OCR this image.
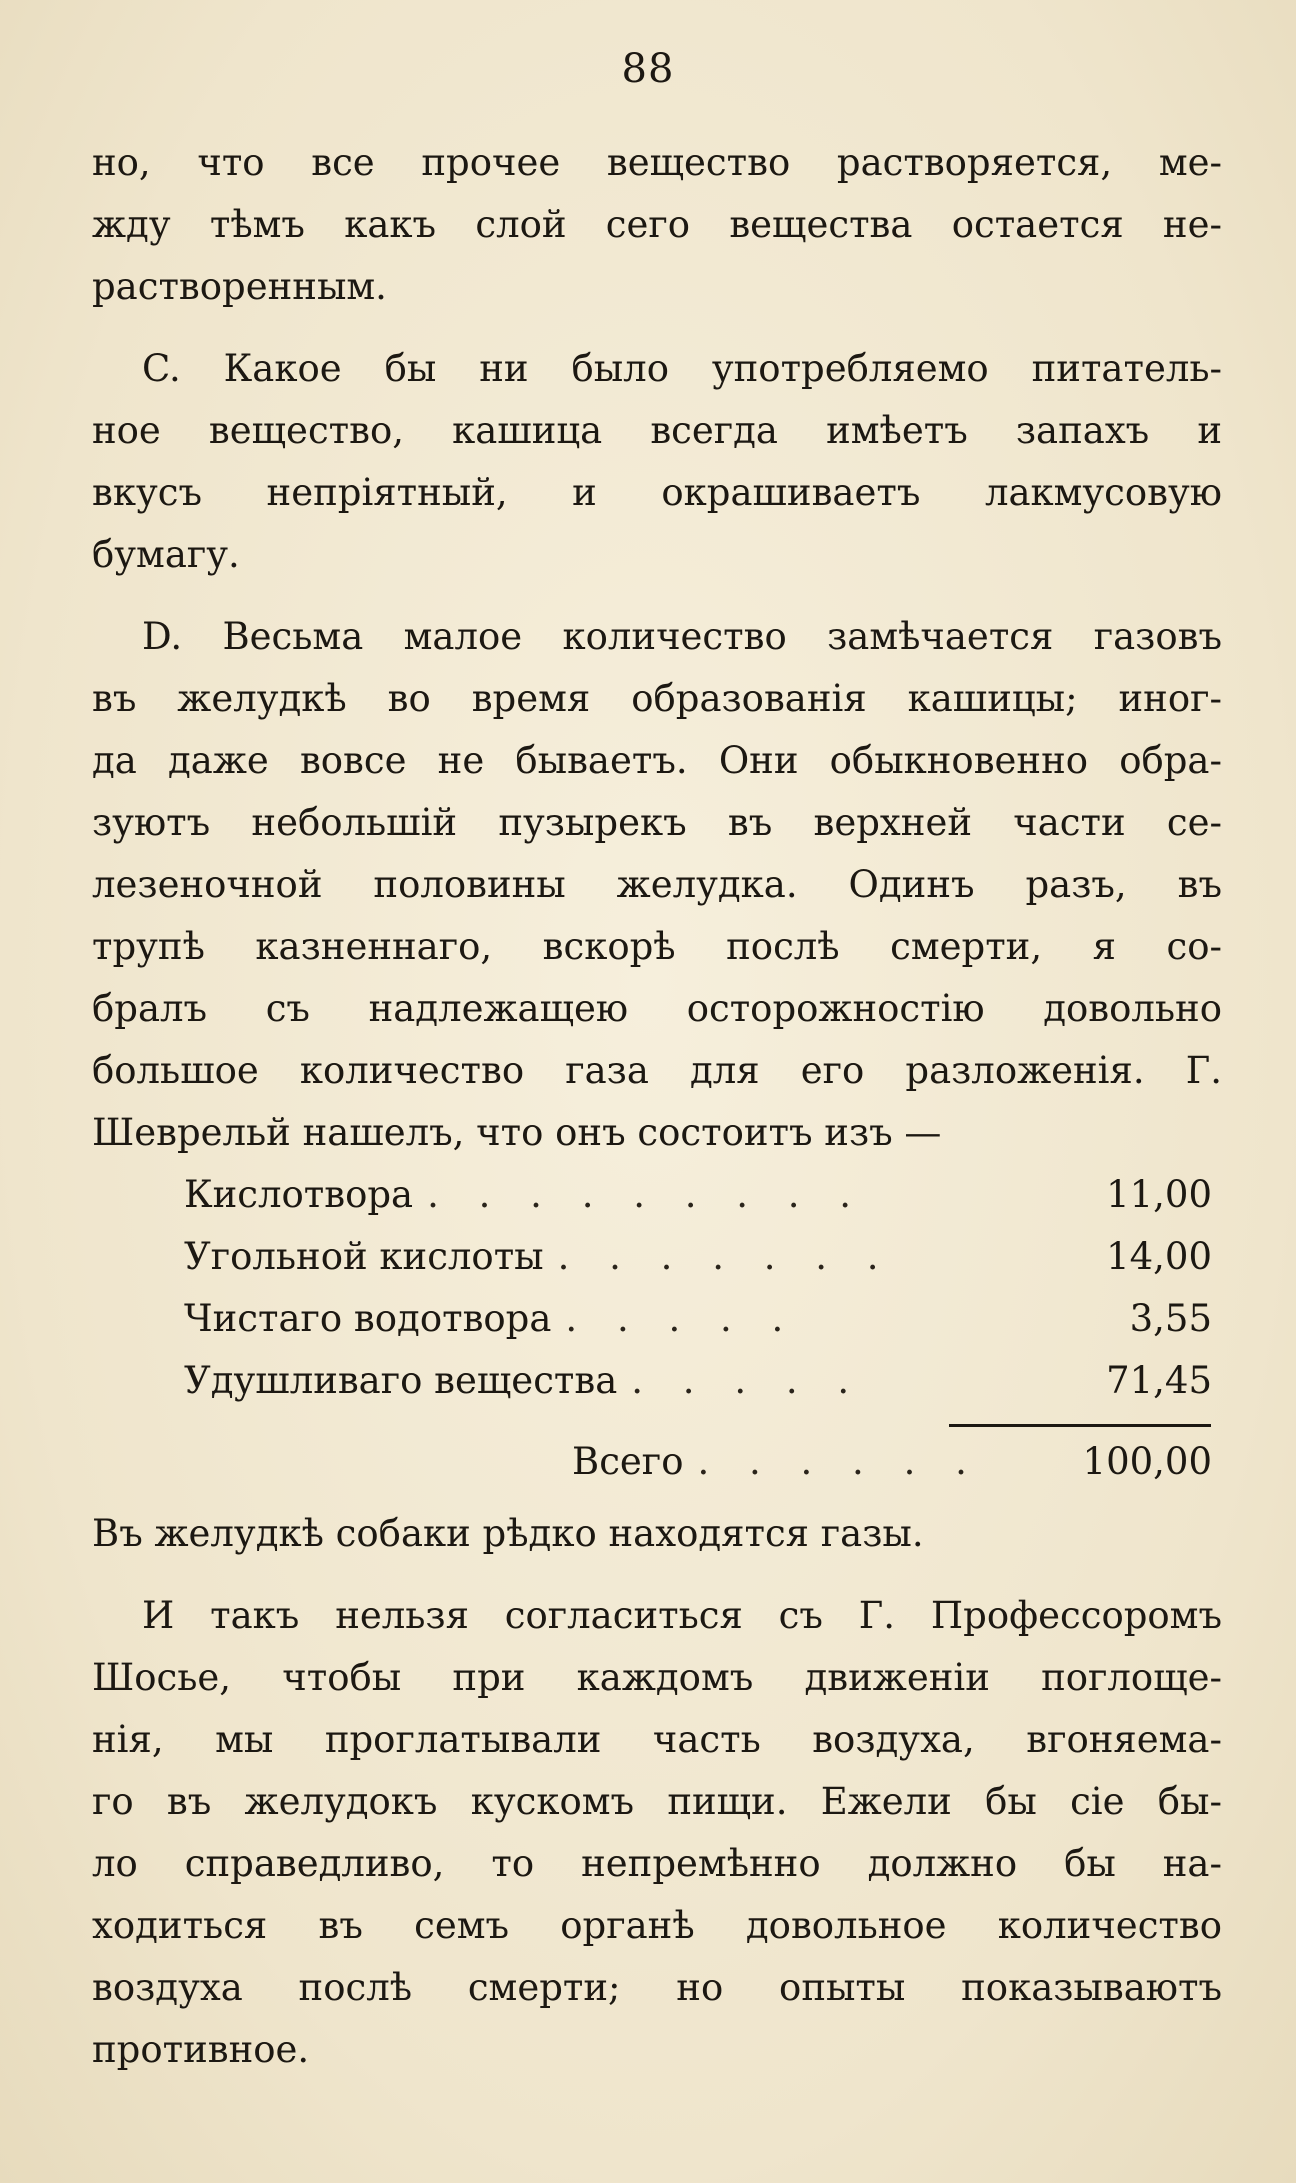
88
но, что все прочее вещество растворяется, ме-
жду тѣмъ какъ слой сего вещества остается не-
растворенным.
C. Какое бы ни было употребляемо питатель-
ное вещество, кашица всегда имѣетъ запахъ и
вкусъ непріятный, и окрашиваетъ лакмусовую
бумагу.
D. Весьма малое количество замѣчается газовъ
въ желудкѣ во время образованія кашицы; иног-
да даже вовсе не бываетъ. Они обыкновенно обра-
зуютъ небольшій пузырекъ въ верхней части се-
лезеночной половины желудка. Одинъ разъ, въ
трупѣ казненнаго, вскорѣ послѣ смерти, я со-
бралъ съ надлежащею осторожностію довольно
большое количество газа для его разложенія. Г.
Шеврельй нашелъ, что онъ состоитъ изъ —
Кислотвора . . . . . . . . .	11,00
Угольной кислоты . . . . . . .	14,00
Чистаго водотвора . . . . .	3,55
Удушливаго вещества . . . . .	71,45
Всего . . . . . .	100,00
Въ желудкѣ собаки рѣдко находятся газы.
И такъ нельзя согласиться съ Г. Профессоромъ
Шосье, чтобы при каждомъ движеніи поглоще-
нія, мы проглатывали часть воздуха, вгоняема-
го въ желудокъ кускомъ пищи. Ежели бы сіе бы-
ло справедливо, то непремѣнно должно бы на-
ходиться въ семъ органѣ довольное количество
воздуха послѣ смерти; но опыты показываютъ
противное.
